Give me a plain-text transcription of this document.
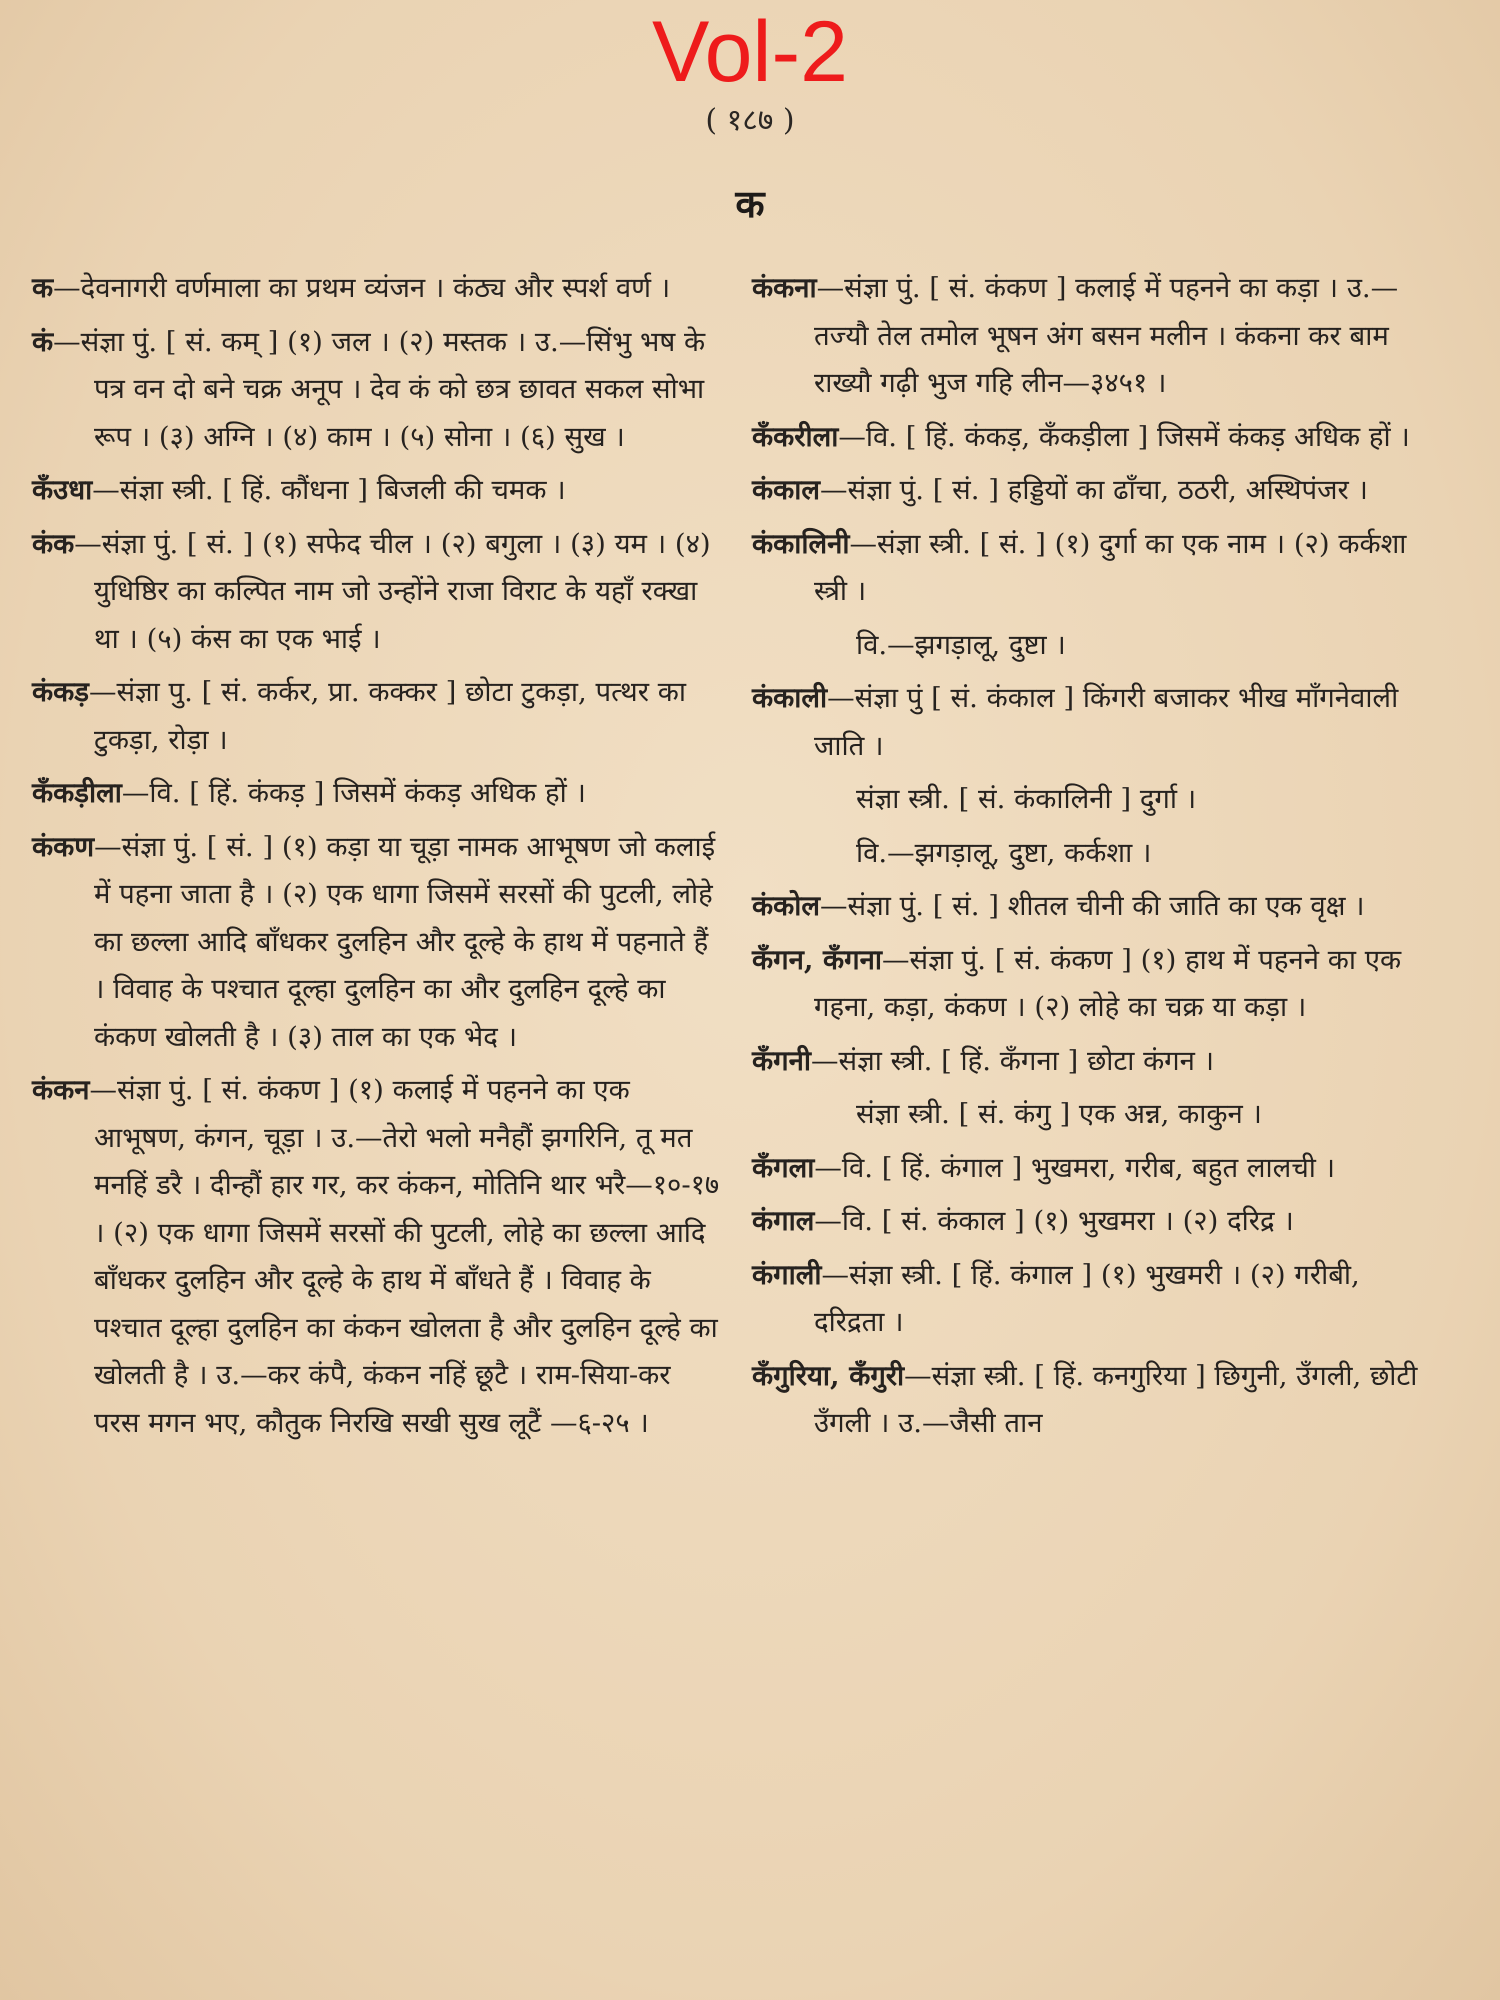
Vol-2
( १८७ )
क
क—देवनागरी वर्णमाला का प्रथम व्यंजन । कंठ्य और स्पर्श वर्ण ।
कं—संज्ञा पुं. [ सं. कम् ] (१) जल । (२) मस्तक । उ.—सिंभु भष के पत्र वन दो बने चक्र अनूप । देव कं को छत्र छावत सकल सोभा रूप । (३) अग्नि । (४) काम । (५) सोना । (६) सुख ।
कँउधा—संज्ञा स्त्री. [ हिं. कौंधना ] बिजली की चमक ।
कंक—संज्ञा पुं. [ सं. ] (१) सफेद चील । (२) बगुला । (३) यम । (४) युधिष्ठिर का कल्पित नाम जो उन्होंने राजा विराट के यहाँ रक्खा था । (५) कंस का एक भाई ।
कंकड़—संज्ञा पु. [ सं. कर्कर, प्रा. कक्कर ] छोटा टुकड़ा, पत्थर का टुकड़ा, रोड़ा ।
कँकड़ीला—वि. [ हिं. कंकड़ ] जिसमें कंकड़ अधिक हों ।
कंकण—संज्ञा पुं. [ सं. ] (१) कड़ा या चूड़ा नामक आभूषण जो कलाई में पहना जाता है । (२) एक धागा जिसमें सरसों की पुटली, लोहे का छल्ला आदि बाँधकर दुलहिन और दूल्हे के हाथ में पहनाते हैं । विवाह के पश्चात दूल्हा दुलहिन का और दुलहिन दूल्हे का कंकण खोलती है । (३) ताल का एक भेद ।
कंकन—संज्ञा पुं. [ सं. कंकण ] (१) कलाई में पहनने का एक आभूषण, कंगन, चूड़ा । उ.—तेरो भलो मनैहौं झगरिनि, तू मत मनहिं डरै । दीन्हौं हार गर, कर कंकन, मोतिनि थार भरै—१०-१७ । (२) एक धागा जिसमें सरसों की पुटली, लोहे का छल्ला आदि बाँधकर दुलहिन और दूल्हे के हाथ में बाँधते हैं । विवाह के पश्चात दूल्हा दुलहिन का कंकन खोलता है और दुलहिन दूल्हे का खोलती है । उ.—कर कंपै, कंकन नहिं छूटै । राम-सिया-कर परस मगन भए, कौतुक निरखि सखी सुख लूटैं —६-२५ ।
कंकना—संज्ञा पुं. [ सं. कंकण ] कलाई में पहनने का कड़ा । उ.—तज्यौ तेल तमोल भूषन अंग बसन मलीन । कंकना कर बाम राख्यौ गढ़ी भुज गहि लीन—३४५१ ।
कँकरीला—वि. [ हिं. कंकड़, कँकड़ीला ] जिसमें कंकड़ अधिक हों ।
कंकाल—संज्ञा पुं. [ सं. ] हड्डियों का ढाँचा, ठठरी, अस्थिपंजर ।
कंकालिनी—संज्ञा स्त्री. [ सं. ] (१) दुर्गा का एक नाम । (२) कर्कशा स्त्री ।
वि.—झगड़ालू, दुष्टा ।
कंकाली—संज्ञा पुं [ सं. कंकाल ] किंगरी बजाकर भीख माँगनेवाली जाति ।
संज्ञा स्त्री. [ सं. कंकालिनी ] दुर्गा ।
वि.—झगड़ालू, दुष्टा, कर्कशा ।
कंकोल—संज्ञा पुं. [ सं. ] शीतल चीनी की जाति का एक वृक्ष ।
कँगन, कँगना—संज्ञा पुं. [ सं. कंकण ] (१) हाथ में पहनने का एक गहना, कड़ा, कंकण । (२) लोहे का चक्र या कड़ा ।
कँगनी—संज्ञा स्त्री. [ हिं. कँगना ] छोटा कंगन ।
संज्ञा स्त्री. [ सं. कंगु ] एक अन्न, काकुन ।
कँगला—वि. [ हिं. कंगाल ] भुखमरा, गरीब, बहुत लालची ।
कंगाल—वि. [ सं. कंकाल ] (१) भुखमरा । (२) दरिद्र ।
कंगाली—संज्ञा स्त्री. [ हिं. कंगाल ] (१) भुखमरी । (२) गरीबी, दरिद्रता ।
कँगुरिया, कँगुरी—संज्ञा स्त्री. [ हिं. कनगुरिया ] छिगुनी, उँगली, छोटी उँगली । उ.—जैसी तान
